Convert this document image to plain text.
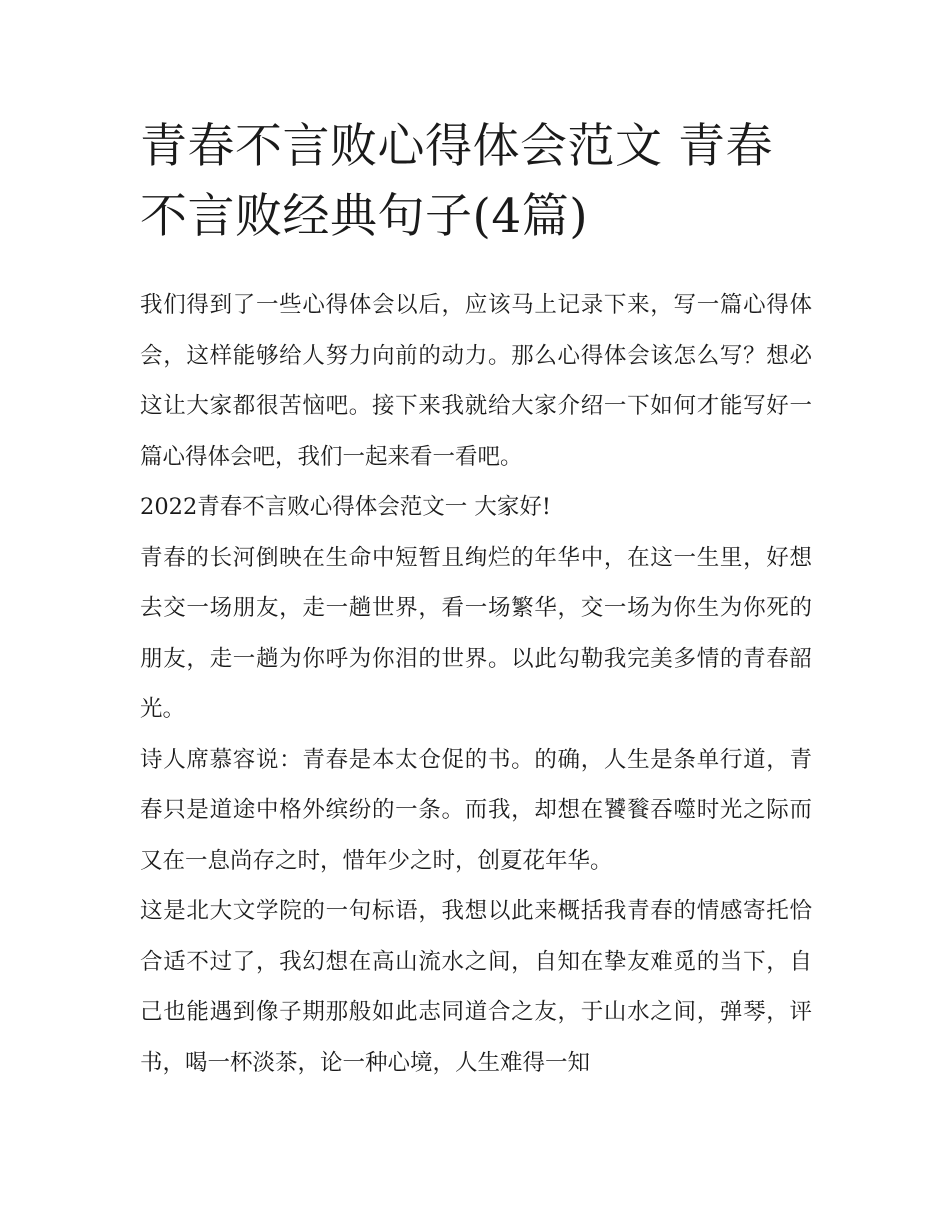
青春不言败心得体会范文 青春不言败经典句子(4篇)

我们得到了一些心得体会以后，应该马上记录下来，写一篇心得体会，这样能够给人努力向前的动力。那么心得体会该怎么写？想必这让大家都很苦恼吧。接下来我就给大家介绍一下如何才能写好一篇心得体会吧，我们一起来看一看吧。

2022青春不言败心得体会范文一 大家好!

青春的长河倒映在生命中短暂且绚烂的年华中，在这一生里，好想去交一场朋友，走一趟世界，看一场繁华，交一场为你生为你死的朋友，走一趟为你呼为你泪的世界。以此勾勒我完美多情的青春韶光。

诗人席慕容说：青春是本太仓促的书。的确，人生是条单行道，青春只是道途中格外缤纷的一条。而我，却想在饕餮吞噬时光之际而又在一息尚存之时，惜年少之时，创夏花年华。

这是北大文学院的一句标语，我想以此来概括我青春的情感寄托恰合适不过了，我幻想在高山流水之间，自知在挚友难觅的当下，自己也能遇到像子期那般如此志同道合之友，于山水之间，弹琴，评书，喝一杯淡茶，论一种心境，人生难得一知
